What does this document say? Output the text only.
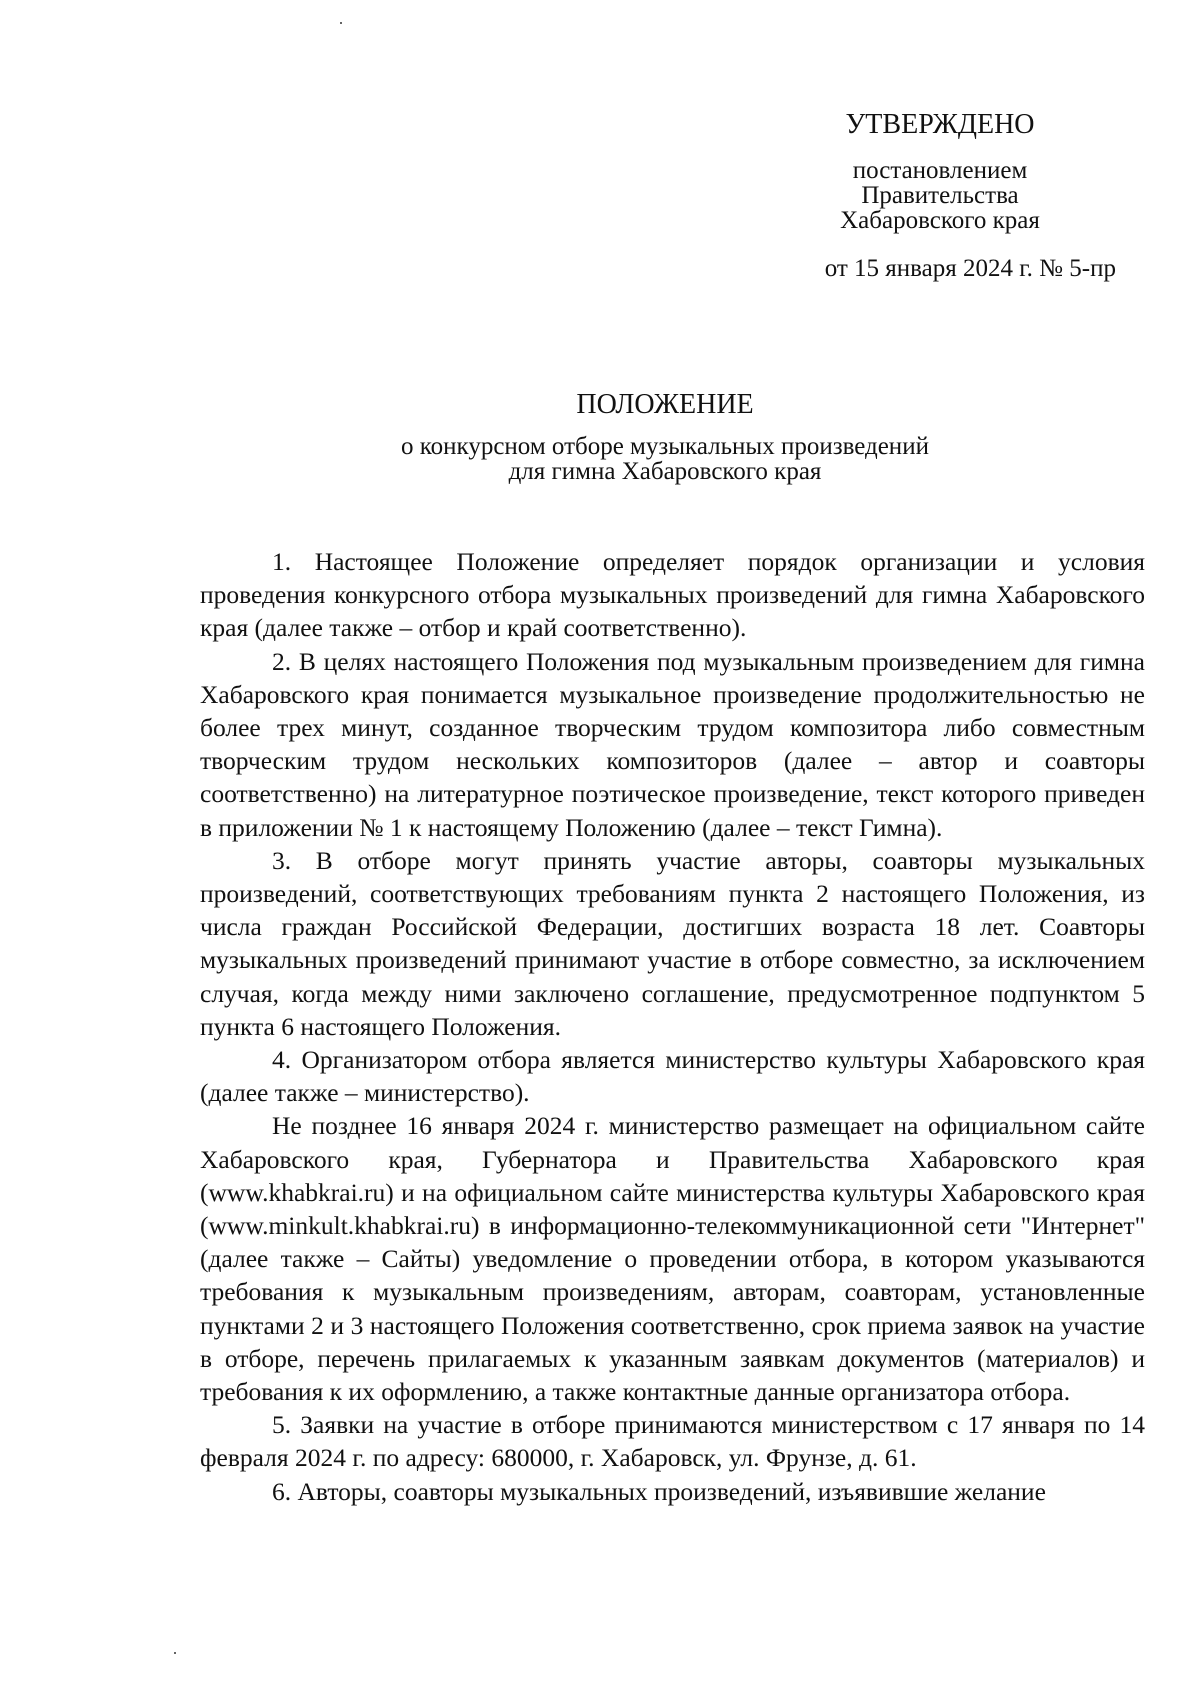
УТВЕРЖДЕНО
постановлением
Правительства
Хабаровского края
от 15 января 2024 г. № 5-пр
ПОЛОЖЕНИЕ
о конкурсном отборе музыкальных произведений
для гимна Хабаровского края

1. Настоящее Положение определяет порядок организации и условия проведения конкурсного отбора музыкальных произведений для гимна Хабаровского края (далее также – отбор и край соответственно).

2. В целях настоящего Положения под музыкальным произведением для гимна Хабаровского края понимается музыкальное произведение продолжительностью не более трех минут, созданное творческим трудом композитора либо совместным творческим трудом нескольких композиторов (далее – автор и соавторы соответственно) на литературное поэтическое произведение, текст которого приведен в приложении № 1 к настоящему Положению (далее – текст Гимна).

3. В отборе могут принять участие авторы, соавторы музыкальных произведений, соответствующих требованиям пункта 2 настоящего Положения, из числа граждан Российской Федерации, достигших возраста 18 лет. Соавторы музыкальных произведений принимают участие в отборе совместно, за исключением случая, когда между ними заключено соглашение, предусмотренное подпунктом 5 пункта 6 настоящего Положения.

4. Организатором отбора является министерство культуры Хабаровского края (далее также – министерство).

Не позднее 16 января 2024 г. министерство размещает на официальном сайте Хабаровского края, Губернатора и Правительства Хабаровского края (www.khabkrai.ru) и на официальном сайте министерства культуры Хабаровского края (www.minkult.khabkrai.ru) в информационно-телекоммуникационной сети "Интернет" (далее также – Сайты) уведомление о проведении отбора, в котором указываются требования к музыкальным произведениям, авторам, соавторам, установленные пунктами 2 и 3 настоящего Положения соответственно, срок приема заявок на участие в отборе, перечень прилагаемых к указанным заявкам документов (материалов) и требования к их оформлению, а также контактные данные организатора отбора.

5. Заявки на участие в отборе принимаются министерством с 17 января по 14 февраля 2024 г. по адресу: 680000, г. Хабаровск, ул. Фрунзе, д. 61.

6. Авторы, соавторы музыкальных произведений, изъявившие желание
